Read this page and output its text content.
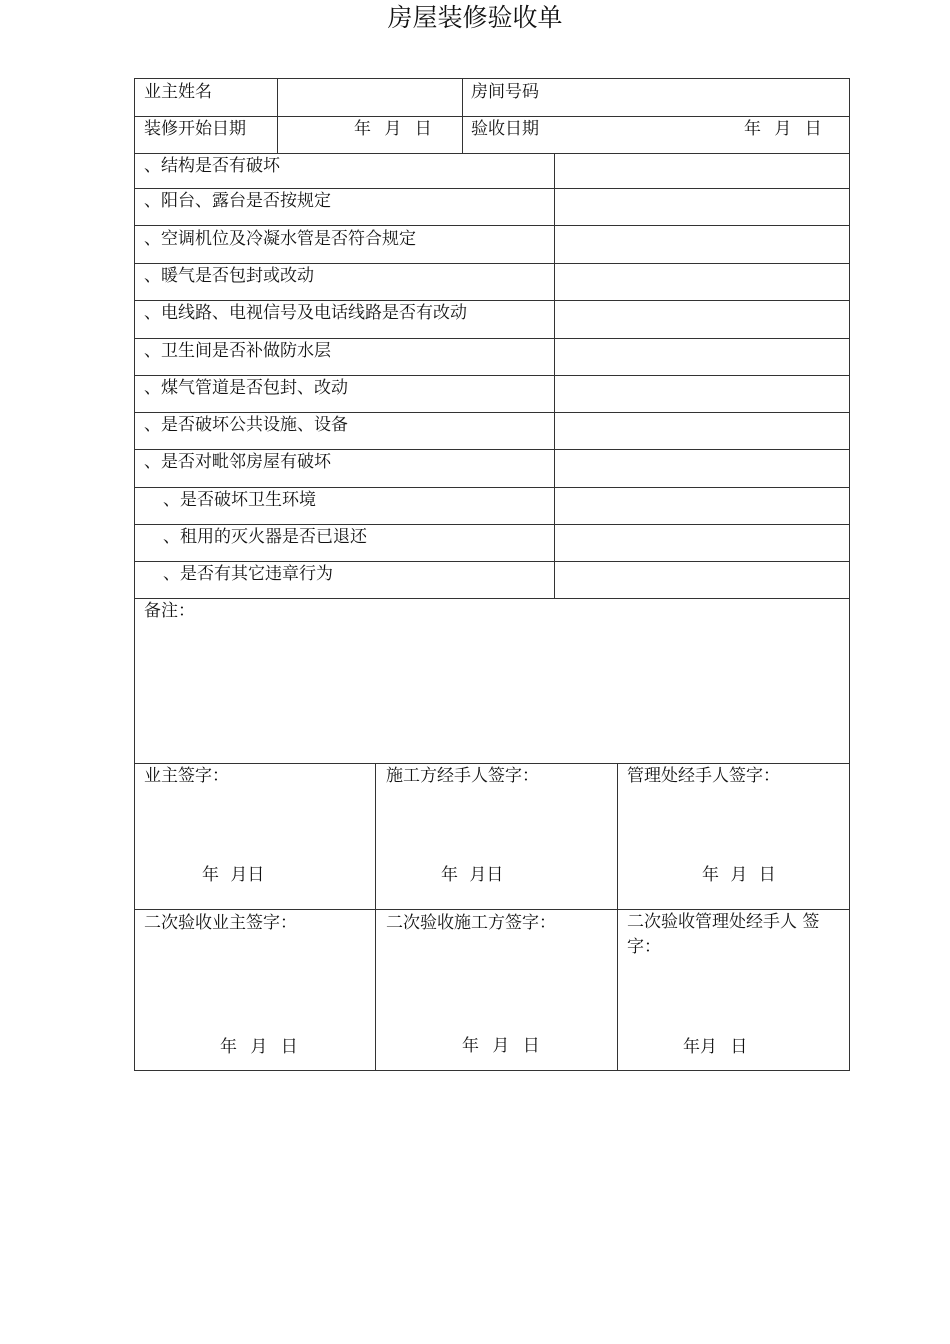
房屋装修验收单
业主姓名	房间号码
装修开始日期	年 月 日 验收日期	年 月 日
、结构是否有破坏
、阳台、露台是否按规定
、空调机位及冷凝水管是否符合规定
、暖气是否包封或改动
、电线路、电视信号及电话线路是否有改动
、卫生间是否补做防水层
、煤气管道是否包封、改动
、是否破坏公共设施、设备
、是否对毗邻房屋有破坏
、是否破坏卫生环境
、租用的灭火器是否已退还
、是否有其它违章行为
备注：
业主签字：	施工方经手人签字：	管理处经手人签字：
年 月日	年 月日	年 月 日
二次验收业主签字：	二次验收施工方签字：	二次验收管理处经手人 签字：
年 月 日	年 月 日	年月 日
